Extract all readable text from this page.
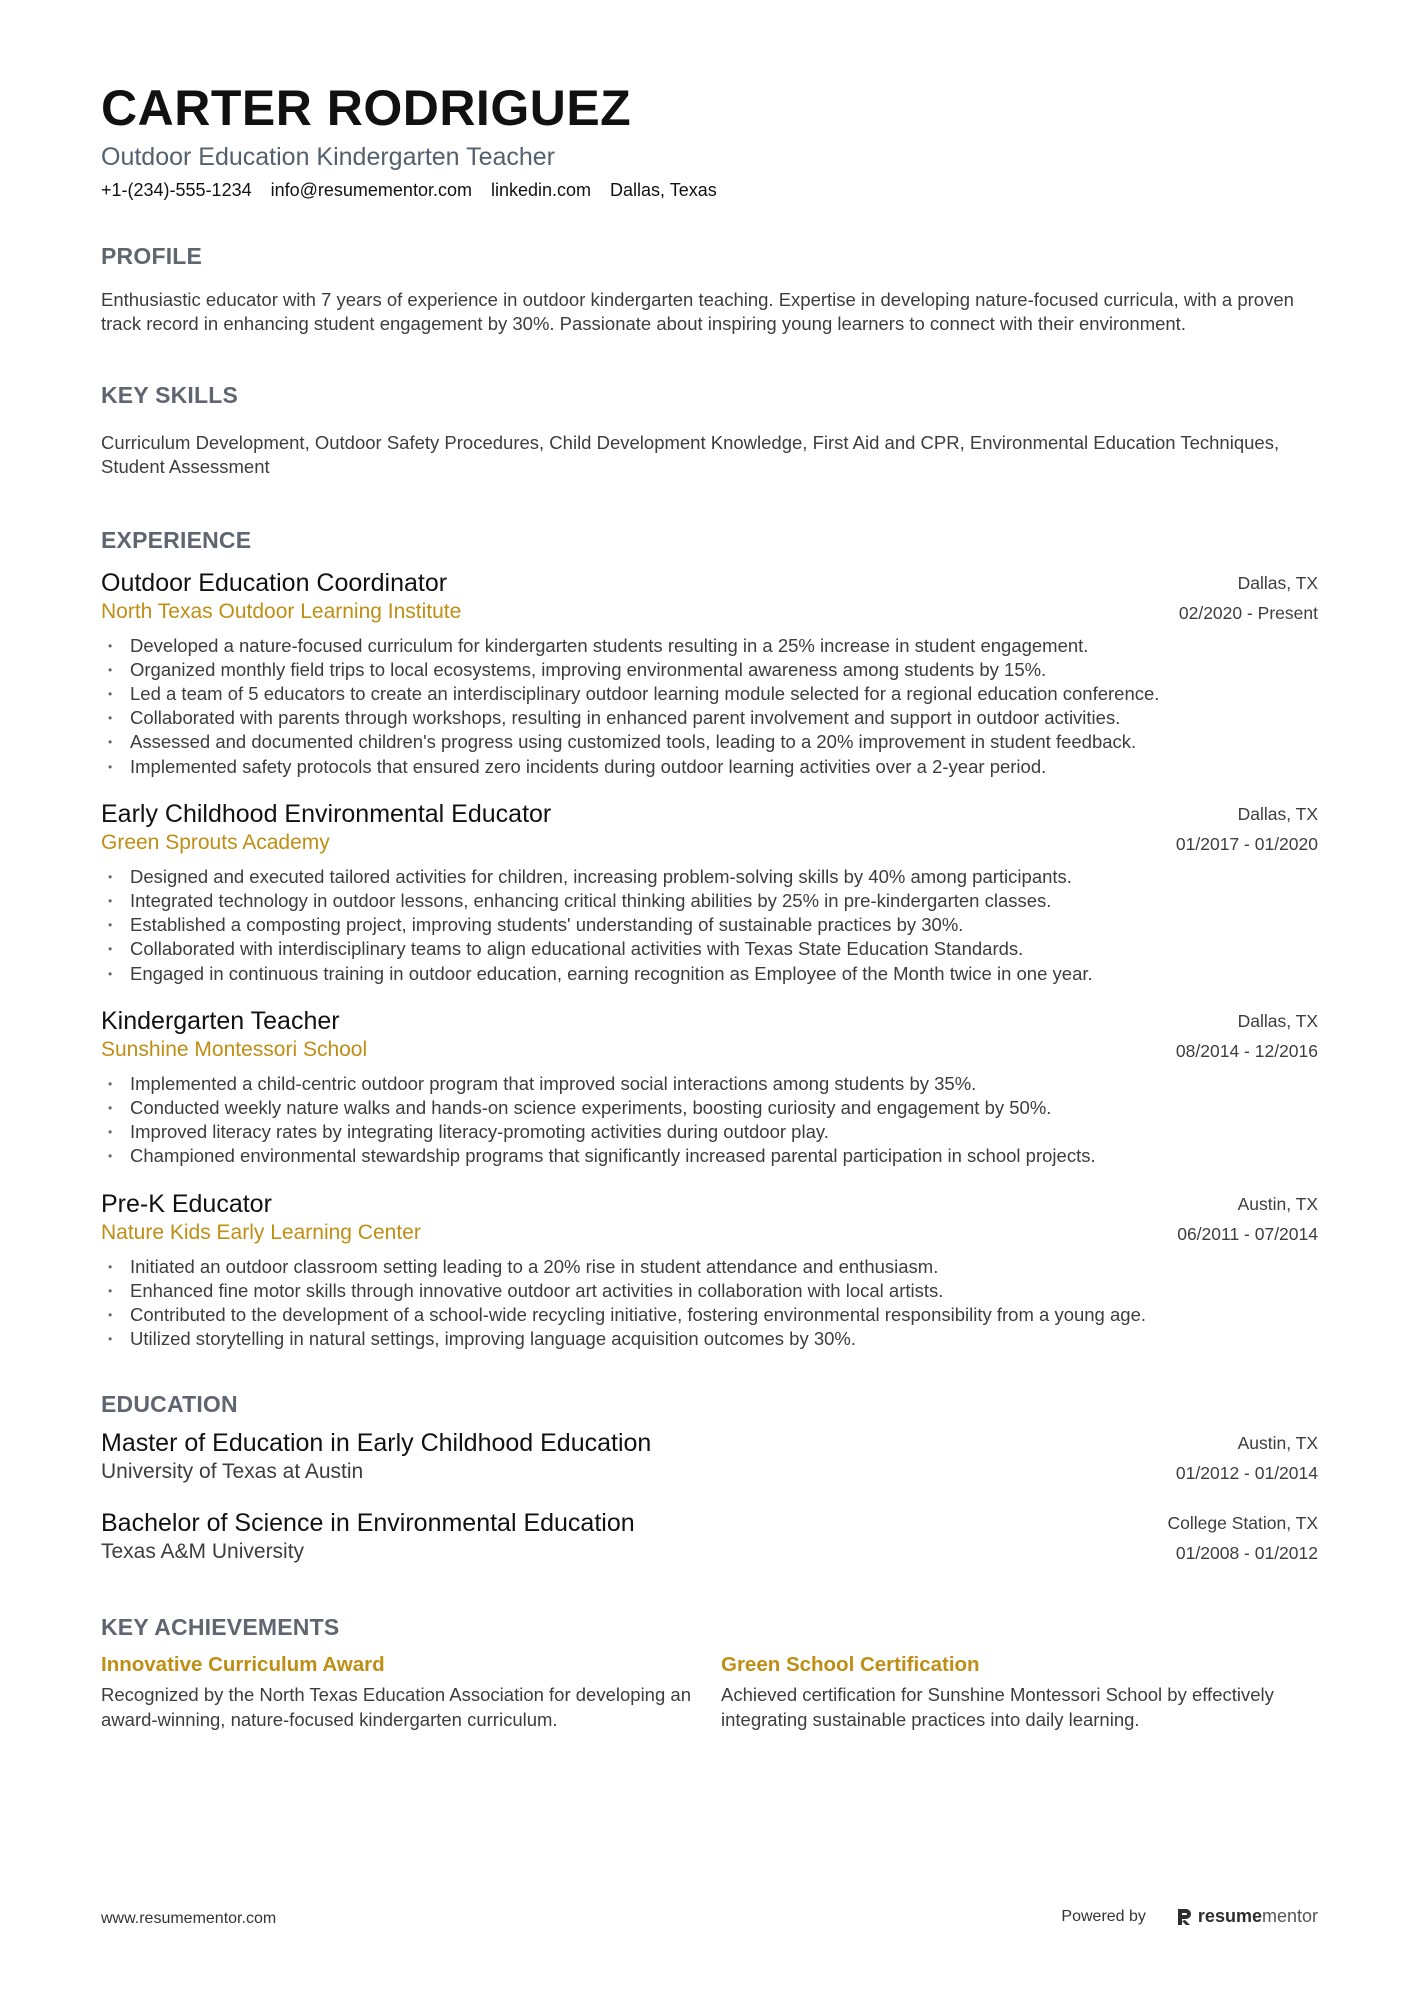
CARTER RODRIGUEZ
Outdoor Education Kindergarten Teacher
+1-(234)-555-1234 info@resumementor.com linkedin.com Dallas, Texas
PROFILE
Enthusiastic educator with 7 years of experience in outdoor kindergarten teaching. Expertise in developing nature-focused curricula, with a proven track record in enhancing student engagement by 30%. Passionate about inspiring young learners to connect with their environment.
KEY SKILLS
Curriculum Development, Outdoor Safety Procedures, Child Development Knowledge, First Aid and CPR, Environmental Education Techniques, Student Assessment
EXPERIENCE
Outdoor Education Coordinator
North Texas Outdoor Learning Institute
Dallas, TX
02/2020 - Present
• Developed a nature-focused curriculum for kindergarten students resulting in a 25% increase in student engagement.
• Organized monthly field trips to local ecosystems, improving environmental awareness among students by 15%.
• Led a team of 5 educators to create an interdisciplinary outdoor learning module selected for a regional education conference.
• Collaborated with parents through workshops, resulting in enhanced parent involvement and support in outdoor activities.
• Assessed and documented children's progress using customized tools, leading to a 20% improvement in student feedback.
• Implemented safety protocols that ensured zero incidents during outdoor learning activities over a 2-year period.
Early Childhood Environmental Educator
Green Sprouts Academy
Dallas, TX
01/2017 - 01/2020
• Designed and executed tailored activities for children, increasing problem-solving skills by 40% among participants.
• Integrated technology in outdoor lessons, enhancing critical thinking abilities by 25% in pre-kindergarten classes.
• Established a composting project, improving students' understanding of sustainable practices by 30%.
• Collaborated with interdisciplinary teams to align educational activities with Texas State Education Standards.
• Engaged in continuous training in outdoor education, earning recognition as Employee of the Month twice in one year.
Kindergarten Teacher
Sunshine Montessori School
Dallas, TX
08/2014 - 12/2016
• Implemented a child-centric outdoor program that improved social interactions among students by 35%.
• Conducted weekly nature walks and hands-on science experiments, boosting curiosity and engagement by 50%.
• Improved literacy rates by integrating literacy-promoting activities during outdoor play.
• Championed environmental stewardship programs that significantly increased parental participation in school projects.
Pre-K Educator
Nature Kids Early Learning Center
Austin, TX
06/2011 - 07/2014
• Initiated an outdoor classroom setting leading to a 20% rise in student attendance and enthusiasm.
• Enhanced fine motor skills through innovative outdoor art activities in collaboration with local artists.
• Contributed to the development of a school-wide recycling initiative, fostering environmental responsibility from a young age.
• Utilized storytelling in natural settings, improving language acquisition outcomes by 30%.
EDUCATION
Master of Education in Early Childhood Education
University of Texas at Austin
Austin, TX
01/2012 - 01/2014
Bachelor of Science in Environmental Education
Texas A&M University
College Station, TX
01/2008 - 01/2012
KEY ACHIEVEMENTS
Innovative Curriculum Award
Recognized by the North Texas Education Association for developing an award-winning, nature-focused kindergarten curriculum.
Green School Certification
Achieved certification for Sunshine Montessori School by effectively integrating sustainable practices into daily learning.
www.resumementor.com	Powered by	resumementor
